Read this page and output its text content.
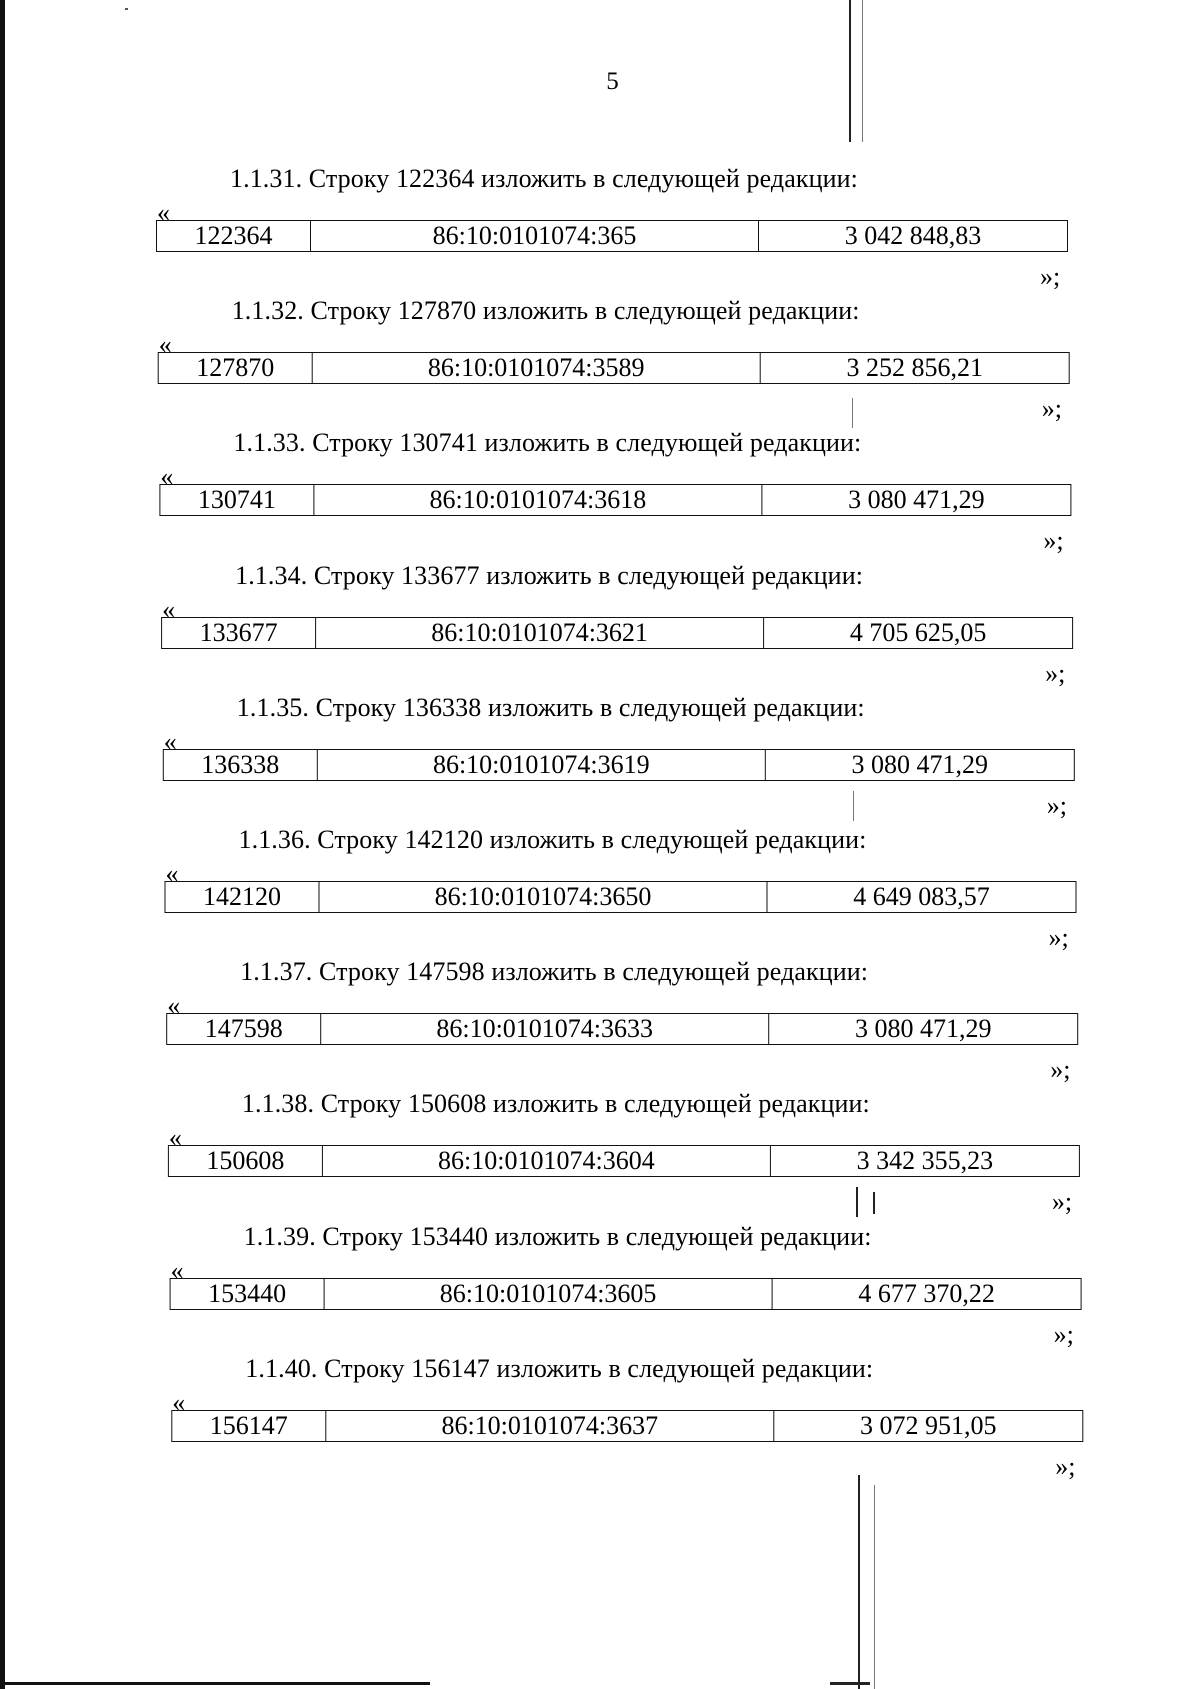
5
1.1.31. Строку 122364 изложить в следующей редакции:
«
122364	86:10:0101074:365	3 042 848,83
»;
1.1.32. Строку 127870 изложить в следующей редакции:
«
127870	86:10:0101074:3589	3 252 856,21
»;
1.1.33. Строку 130741 изложить в следующей редакции:
«
130741	86:10:0101074:3618	3 080 471,29
»;
1.1.34. Строку 133677 изложить в следующей редакции:
«
133677	86:10:0101074:3621	4 705 625,05
»;
1.1.35. Строку 136338 изложить в следующей редакции:
«
136338	86:10:0101074:3619	3 080 471,29
»;
1.1.36. Строку 142120 изложить в следующей редакции:
«
142120	86:10:0101074:3650	4 649 083,57
»;
1.1.37. Строку 147598 изложить в следующей редакции:
«
147598	86:10:0101074:3633	3 080 471,29
»;
1.1.38. Строку 150608 изложить в следующей редакции:
«
150608	86:10:0101074:3604	3 342 355,23
»;
1.1.39. Строку 153440 изложить в следующей редакции:
«
153440	86:10:0101074:3605	4 677 370,22
»;
1.1.40. Строку 156147 изложить в следующей редакции:
«
156147	86:10:0101074:3637	3 072 951,05
»;
